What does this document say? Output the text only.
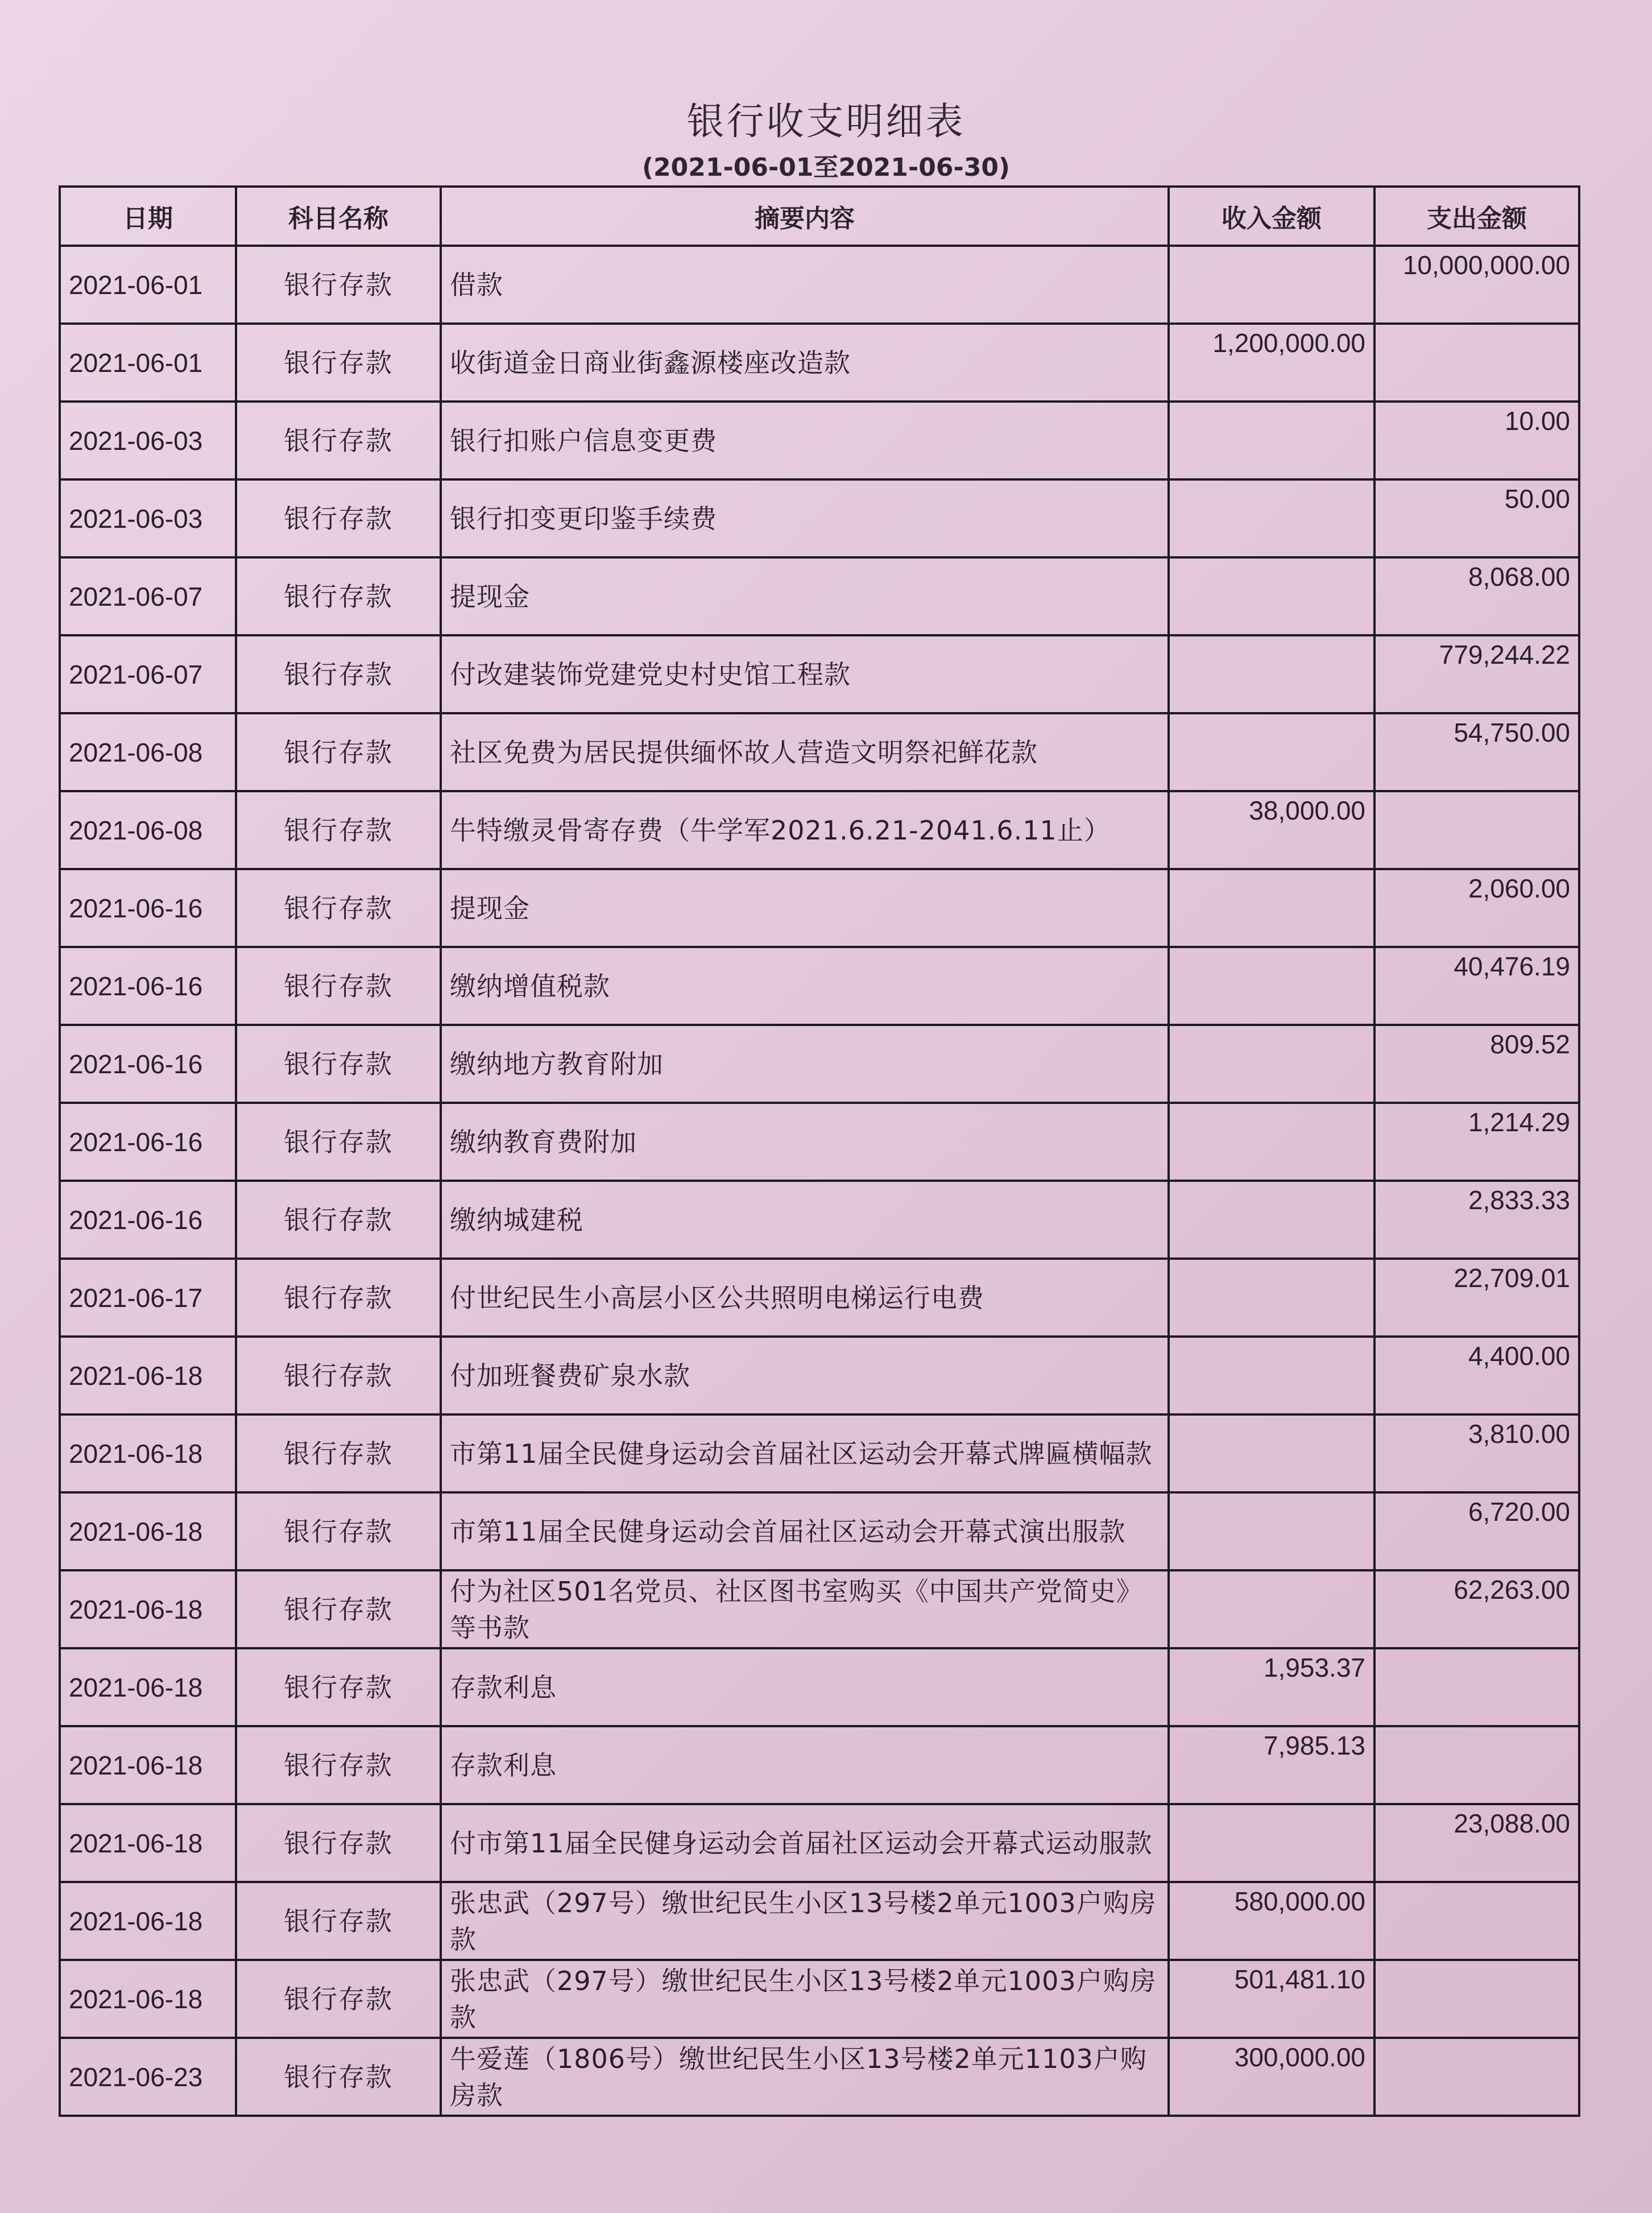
银行收支明细表
(2021-06-01至2021-06-30)
日期	科目名称	摘要内容	收入金额	支出金额
2021-06-01	银行存款	借款		10,000,000.00
2021-06-01	银行存款	收街道金日商业街鑫源楼座改造款	1,200,000.00	
2021-06-03	银行存款	银行扣账户信息变更费		10.00
2021-06-03	银行存款	银行扣变更印鉴手续费		50.00
2021-06-07	银行存款	提现金		8,068.00
2021-06-07	银行存款	付改建装饰党建党史村史馆工程款		779,244.22
2021-06-08	银行存款	社区免费为居民提供缅怀故人营造文明祭祀鲜花款		54,750.00
2021-06-08	银行存款	牛特缴灵骨寄存费（牛学军2021.6.21-2041.6.11止）	38,000.00	
2021-06-16	银行存款	提现金		2,060.00
2021-06-16	银行存款	缴纳增值税款		40,476.19
2021-06-16	银行存款	缴纳地方教育附加		809.52
2021-06-16	银行存款	缴纳教育费附加		1,214.29
2021-06-16	银行存款	缴纳城建税		2,833.33
2021-06-17	银行存款	付世纪民生小高层小区公共照明电梯运行电费		22,709.01
2021-06-18	银行存款	付加班餐费矿泉水款		4,400.00
2021-06-18	银行存款	市第11届全民健身运动会首届社区运动会开幕式牌匾横幅款		3,810.00
2021-06-18	银行存款	市第11届全民健身运动会首届社区运动会开幕式演出服款		6,720.00
2021-06-18	银行存款	付为社区501名党员、社区图书室购买《中国共产党简史》等书款		62,263.00
2021-06-18	银行存款	存款利息	1,953.37	
2021-06-18	银行存款	存款利息	7,985.13	
2021-06-18	银行存款	付市第11届全民健身运动会首届社区运动会开幕式运动服款		23,088.00
2021-06-18	银行存款	张忠武（297号）缴世纪民生小区13号楼2单元1003户购房款	580,000.00	
2021-06-18	银行存款	张忠武（297号）缴世纪民生小区13号楼2单元1003户购房款	501,481.10	
2021-06-23	银行存款	牛爱莲（1806号）缴世纪民生小区13号楼2单元1103户购房款	300,000.00	
